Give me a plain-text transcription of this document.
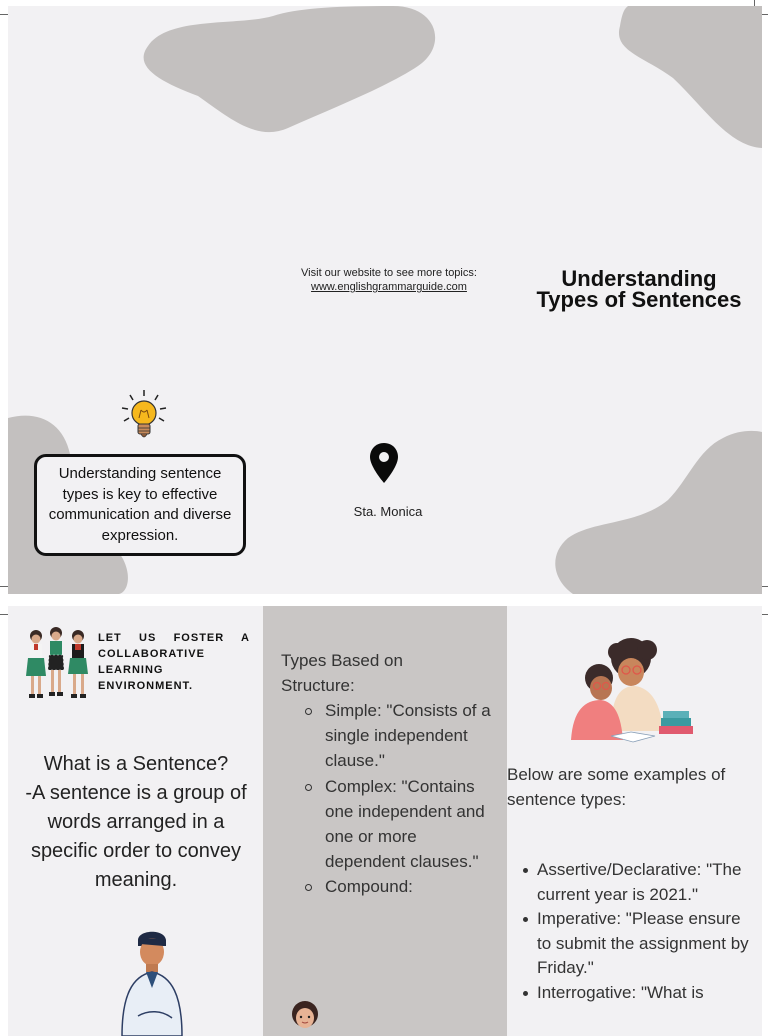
Visit our website to see more topics:
www.englishgrammarguide.com	Understanding Types of Sentences
Understanding sentence types is key to effective communication and diverse expression.
Sta. Monica
LET US FOSTER A COLLABORATIVE LEARNING ENVIRONMENT.
What is a Sentence?
-A sentence is a group of words arranged in a specific order to convey meaning.
Types Based on Structure:
Simple: "Consists of a single independent clause."
Complex: "Contains one independent and one or more dependent clauses."
Compound:
Below are some examples of sentence types:
Assertive/Declarative: "The current year is 2021."
Imperative: "Please ensure to submit the assignment by Friday."
Interrogative: "What is
